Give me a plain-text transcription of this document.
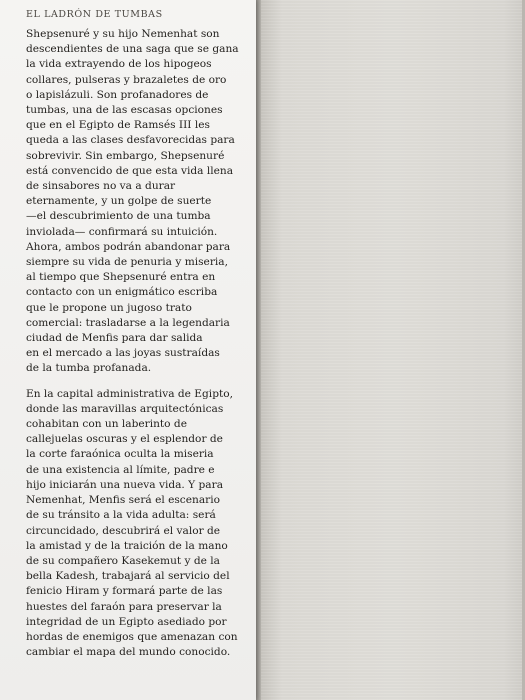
EL LADRÓN DE TUMBAS

Shepsenuré y su hijo Nemenhat son
descendientes de una saga que se gana
la vida extrayendo de los hipogeos
collares, pulseras y brazaletes de oro
o lapislázuli. Son profanadores de
tumbas, una de las escasas opciones
que en el Egipto de Ramsés III les
queda a las clases desfavorecidas para
sobrevivir. Sin embargo, Shepsenuré
está convencido de que esta vida llena
de sinsabores no va a durar
eternamente, y un golpe de suerte
—el descubrimiento de una tumba
inviolada— confirmará su intuición.
Ahora, ambos podrán abandonar para
siempre su vida de penuria y miseria,
al tiempo que Shepsenuré entra en
contacto con un enigmático escriba
que le propone un jugoso trato
comercial: trasladarse a la legendaria
ciudad de Menfis para dar salida
en el mercado a las joyas sustraídas
de la tumba profanada.

En la capital administrativa de Egipto,
donde las maravillas arquitectónicas
cohabitan con un laberinto de
callejuelas oscuras y el esplendor de
la corte faraónica oculta la miseria
de una existencia al límite, padre e
hijo iniciarán una nueva vida. Y para
Nemenhat, Menfis será el escenario
de su tránsito a la vida adulta: será
circuncidado, descubrirá el valor de
la amistad y de la traición de la mano
de su compañero Kasekemut y de la
bella Kadesh, trabajará al servicio del
fenicio Hiram y formará parte de las
huestes del faraón para preservar la
integridad de un Egipto asediado por
hordas de enemigos que amenazan con
cambiar el mapa del mundo conocido.
